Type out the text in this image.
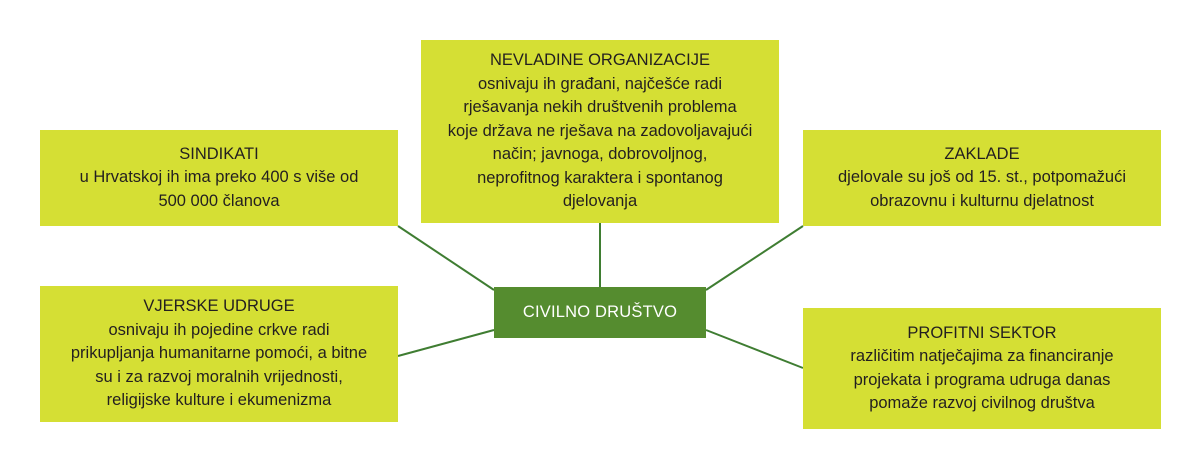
NEVLADINE ORGANIZACIJE
osnivaju ih građani, najčešće radi
rješavanja nekih društvenih problema
koje država ne rješava na zadovoljavajući
način; javnoga, dobrovoljnog,
neprofitnog karaktera i spontanog
djelovanja
SINDIKATI
u Hrvatskoj ih ima preko 400 s više od
500 000 članova
ZAKLADE
djelovale su još od 15. st., potpomažući
obrazovnu i kulturnu djelatnost
VJERSKE UDRUGE
osnivaju ih pojedine crkve radi
prikupljanja humanitarne pomoći, a bitne
su i za razvoj moralnih vrijednosti,
religijske kulture i ekumenizma
PROFITNI SEKTOR
različitim natječajima za financiranje
projekata i programa udruga danas
pomaže razvoj civilnog društva
CIVILNO DRUŠTVO
